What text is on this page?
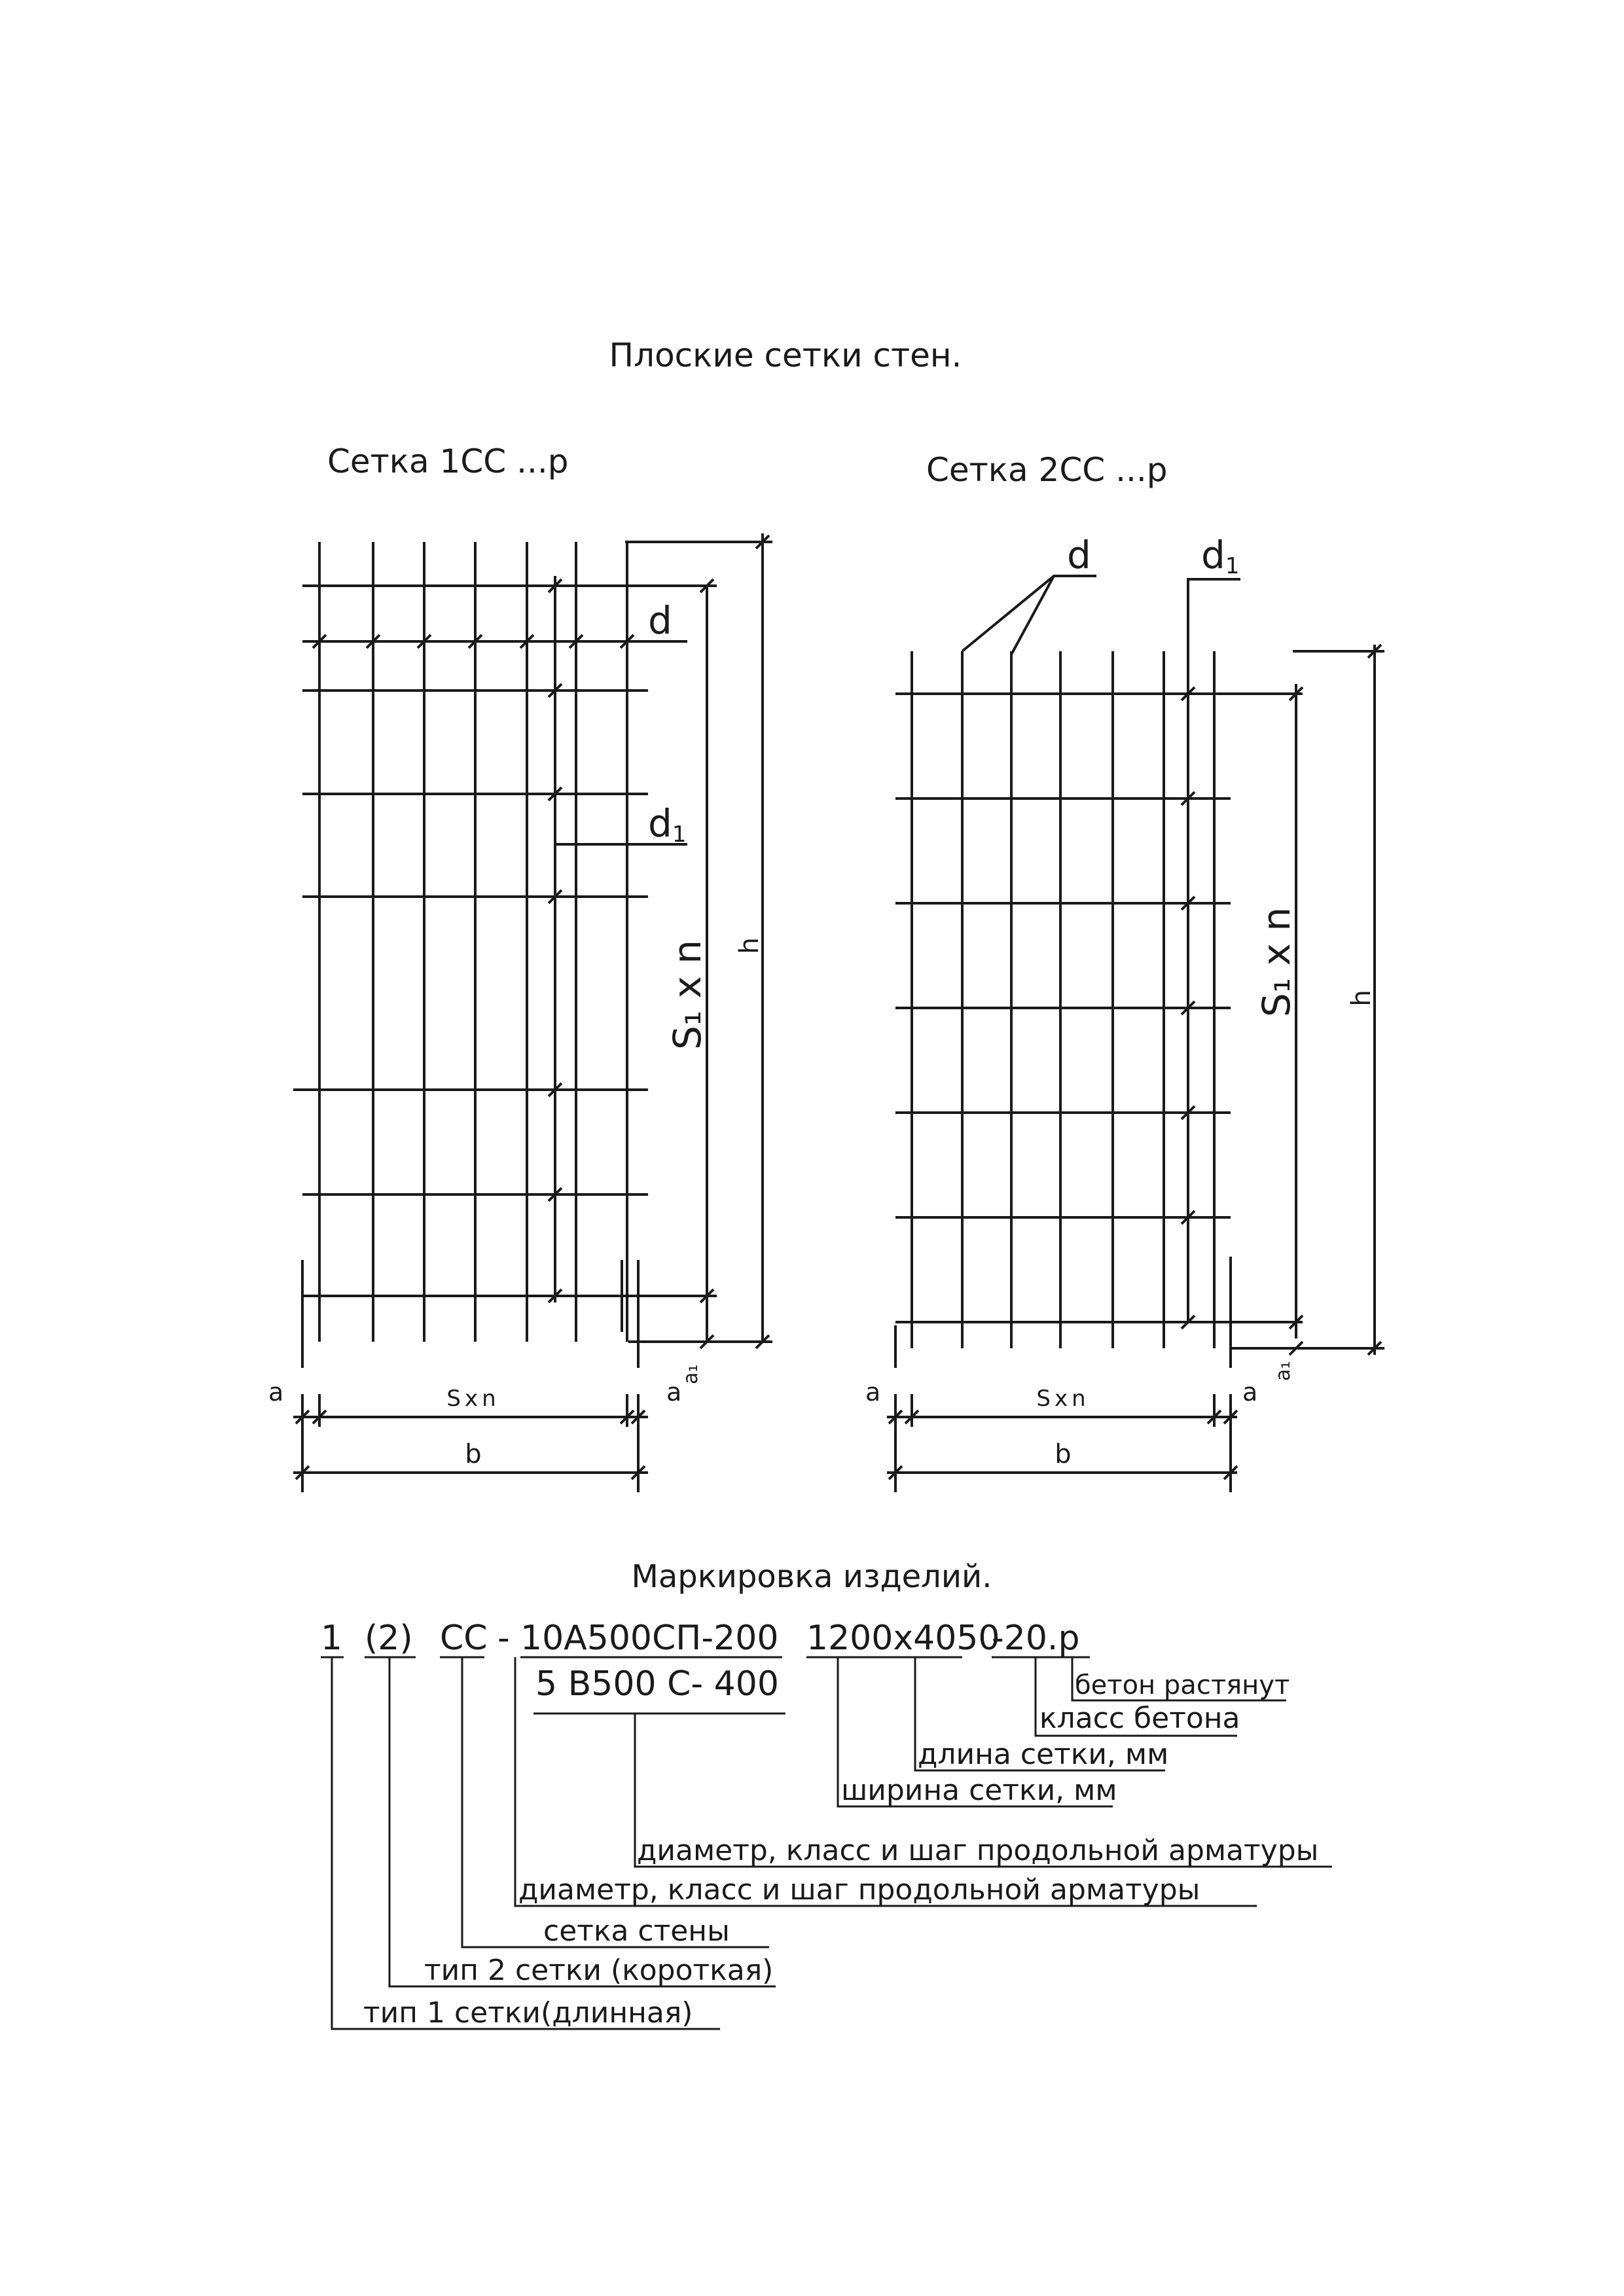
Плоские сетки стен.
Сетка 1СС ...р
d
d1
S₁ x n h
a	a
a₁
Sxn
b
Сетка 2СС ...р
d	d1
S₁ x n h
a	a
a₁
Sxn
b
Маркировка изделий.
1 (2) СС - 10А500СП-200 1200х4050
-20.р
5 В500 С- 400	бетон растянут
класс бетона
длина сетки, мм
ширина сетки, мм
диаметр, класс и шаг продольной арматуры
диаметр, класс и шаг продольной арматуры
сетка стены
тип 2 сетки (короткая)
тип 1 сетки(длинная)
